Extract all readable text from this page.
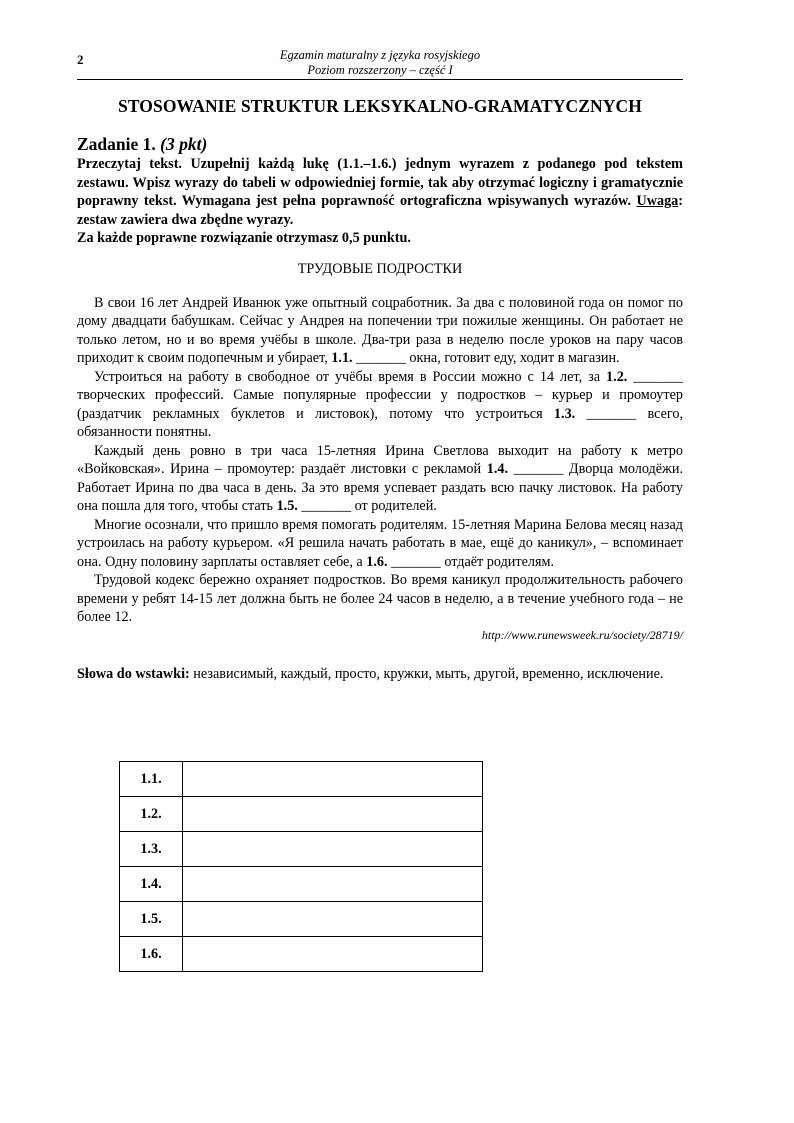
2	Egzamin maturalny z języka rosyjskiego
Poziom rozszerzony – część I
STOSOWANIE STRUKTUR LEKSYKALNO-GRAMATYCZNYCH
Zadanie 1. (3 pkt)
Przeczytaj tekst. Uzupełnij każdą lukę (1.1.–1.6.) jednym wyrazem z podanego pod tekstem zestawu. Wpisz wyrazy do tabeli w odpowiedniej formie, tak aby otrzymać logiczny i gramatycznie poprawny tekst. Wymagana jest pełna poprawność ortograficzna wpisywanych wyrazów. Uwaga: zestaw zawiera dwa zbędne wyrazy.
Za każde poprawne rozwiązanie otrzymasz 0,5 punktu.
ТРУДОВЫЕ ПОДРОСТКИ

В свои 16 лет Андрей Иванюк уже опытный соцработник. За два с половиной года он помог по дому двадцати бабушкам. Сейчас у Андрея на попечении три пожилые женщины. Он работает не только летом, но и во время учёбы в школе. Два-три раза в неделю после уроков на пару часов приходит к своим подопечным и убирает, 1.1. _______ окна, готовит еду, ходит в магазин.

Устроиться на работу в свободное от учёбы время в России можно с 14 лет, за 1.2. _______ творческих профессий. Самые популярные профессии у подростков – курьер и промоутер (раздатчик рекламных буклетов и листовок), потому что устроиться 1.3. _______ всего, обязанности понятны.

Каждый день ровно в три часа 15-летняя Ирина Светлова выходит на работу к метро «Войковская». Ирина – промоутер: раздаёт листовки с рекламой 1.4. _______ Дворца молодёжи. Работает Ирина по два часа в день. За это время успевает раздать всю пачку листовок. На работу она пошла для того, чтобы стать 1.5. _______ от родителей.

Многие осознали, что пришло время помогать родителям. 15-летняя Марина Белова месяц назад устроилась на работу курьером. «Я решила начать работать в мае, ещё до каникул», – вспоминает она. Одну половину зарплаты оставляет себе, а 1.6. _______ отдаёт родителям.

Трудовой кодекс бережно охраняет подростков. Во время каникул продолжительность рабочего времени у ребят 14-15 лет должна быть не более 24 часов в неделю, а в течение учебного года – не более 12.

http://www.runewsweek.ru/society/28719/
Słowa do wstawki: независимый, каждый, просто, кружки, мыть, другой, временно, исключение.
1.1.	
1.2.	
1.3.	
1.4.	
1.5.	
1.6.	
